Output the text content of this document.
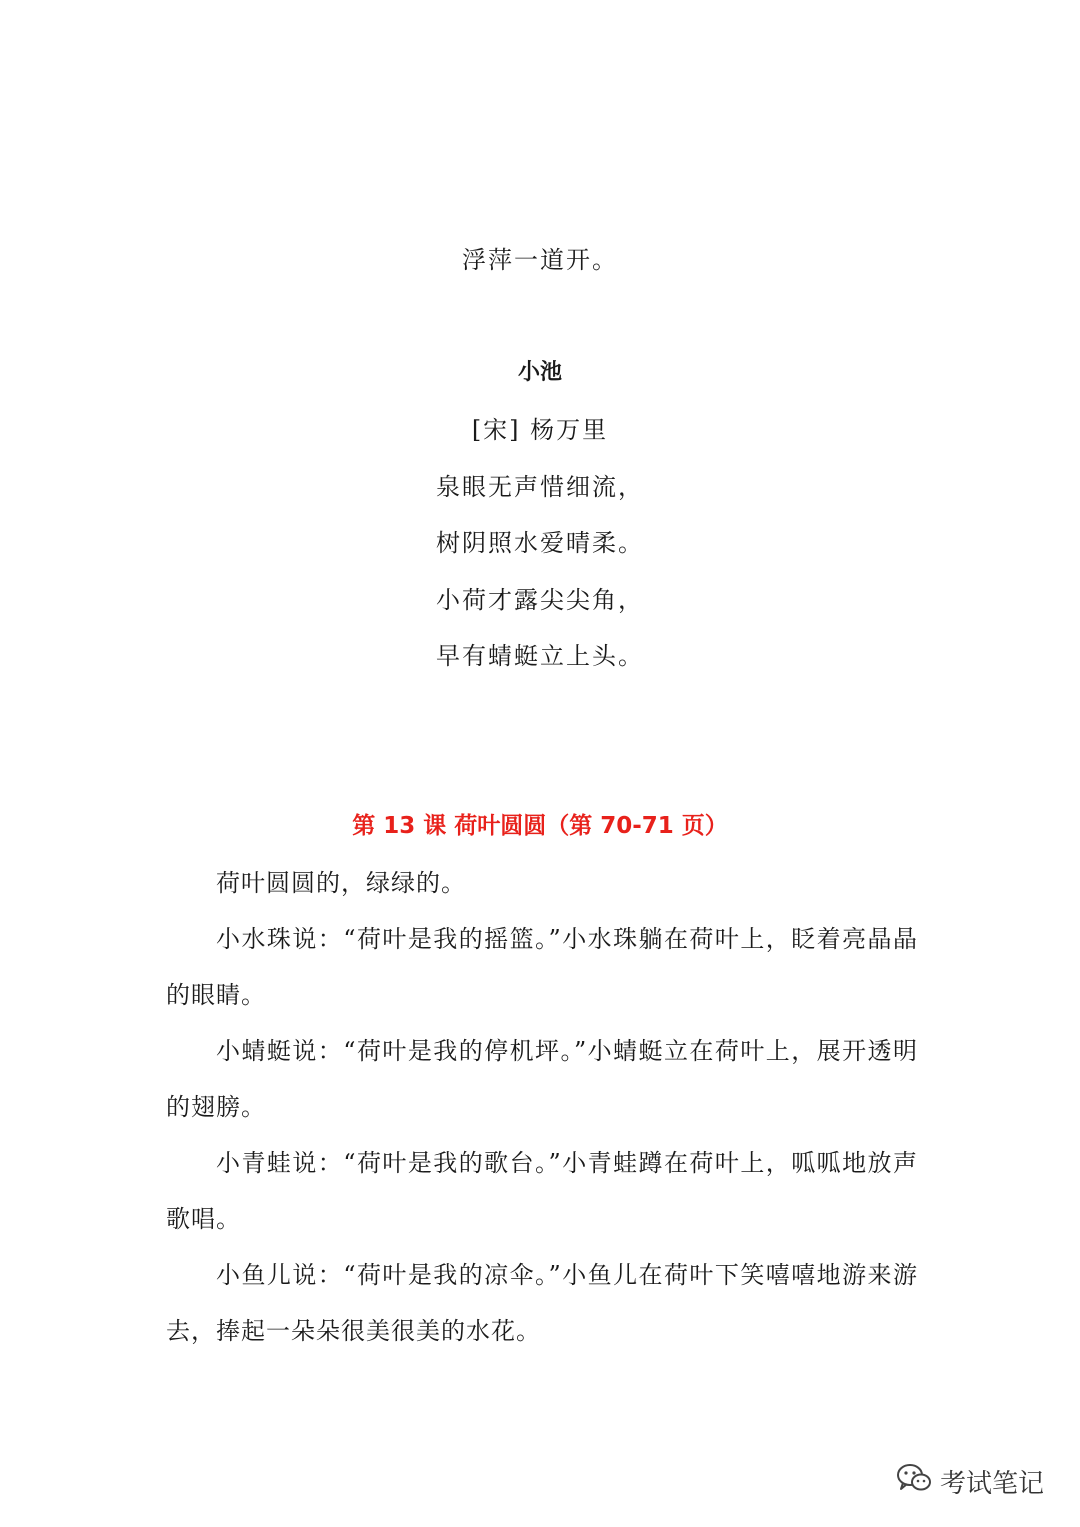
浮萍一道开。
小池
[宋] 杨万里
泉眼无声惜细流，
树阴照水爱晴柔。
小荷才露尖尖角，
早有蜻蜓立上头。
第 13 课 荷叶圆圆（第 70-71 页）

荷叶圆圆的，绿绿的。

小水珠说：“荷叶是我的摇篮。”小水珠躺在荷叶上，眨着亮晶晶的眼睛。

小蜻蜓说：“荷叶是我的停机坪。”小蜻蜓立在荷叶上，展开透明的翅膀。

小青蛙说：“荷叶是我的歌台。”小青蛙蹲在荷叶上，呱呱地放声歌唱。

小鱼儿说：“荷叶是我的凉伞。”小鱼儿在荷叶下笑嘻嘻地游来游去，捧起一朵朵很美很美的水花。

考试笔记
